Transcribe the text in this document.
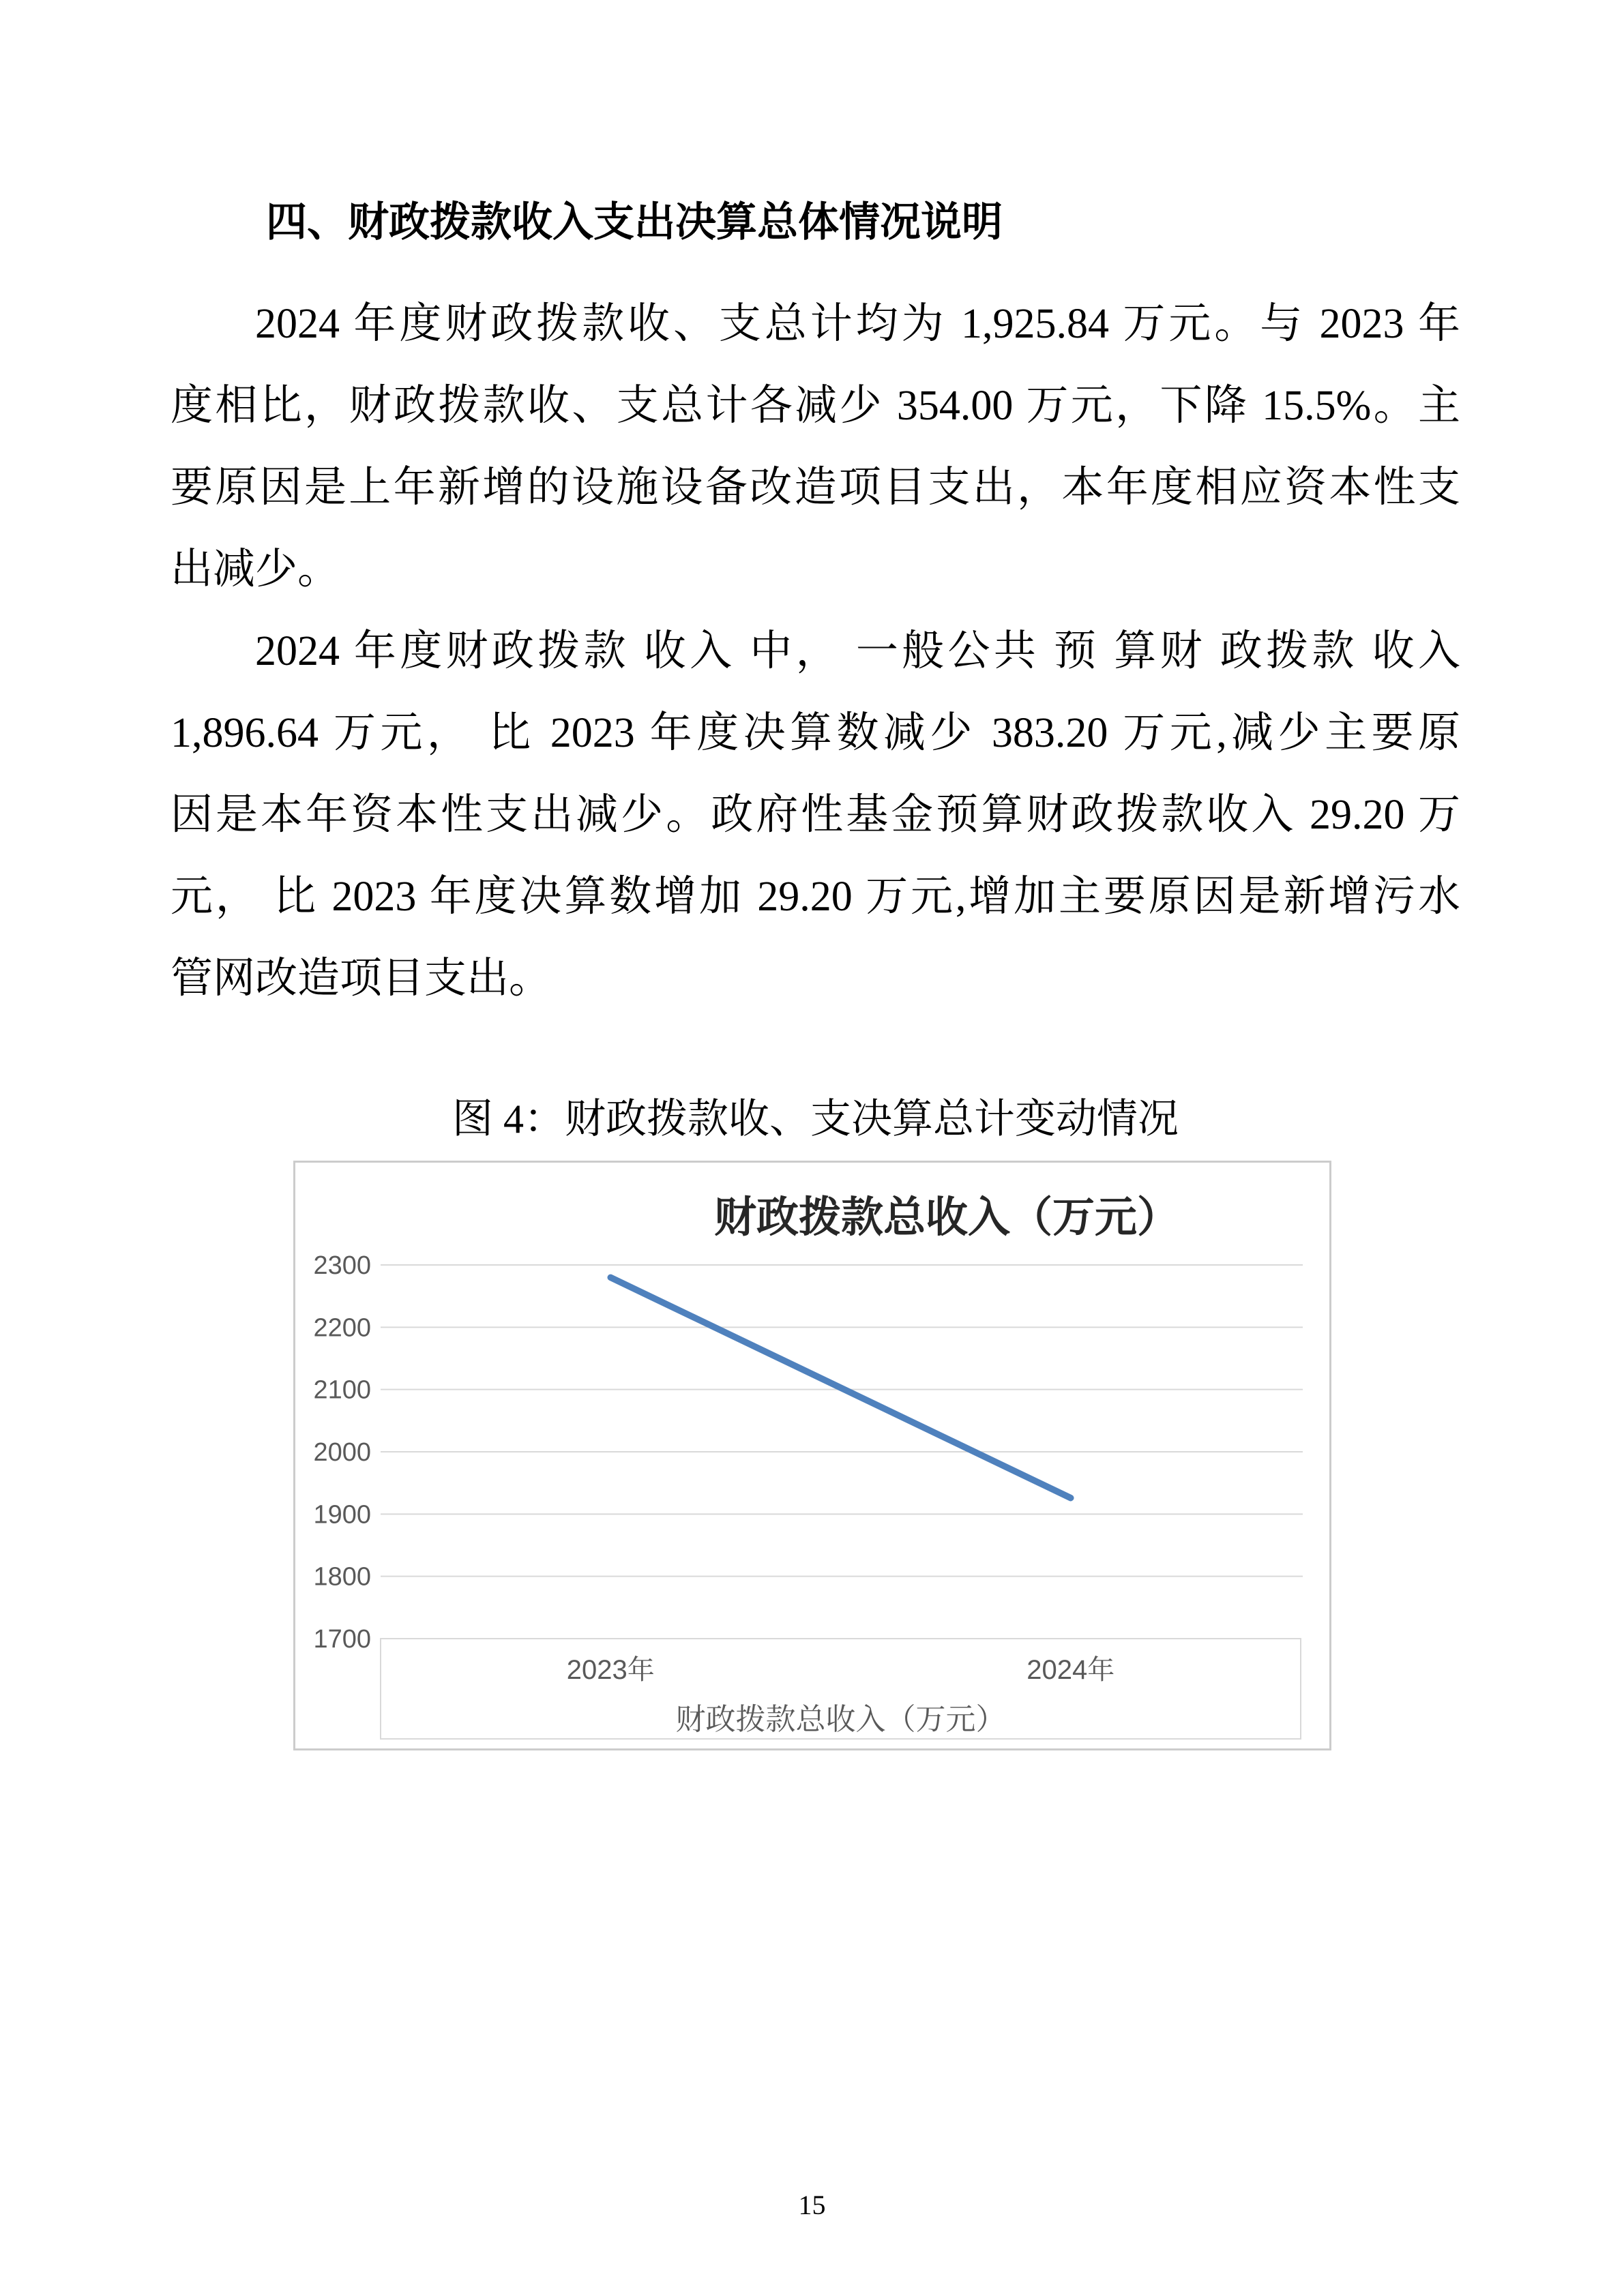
四、财政拨款收入支出决算总体情况说明
2024 年度财政拨款收、支总计均为 1,925.84 万元。与 2023 年
度相比，财政拨款收、支总计各减少 354.00 万元，下降 15.5%。主
要原因是上年新增的设施设备改造项目支出，本年度相应资本性支
出减少。
2024 年度财政拨款 收入 中， 一般公共 预 算财 政拨款 收入
1,896.64 万元， 比 2023 年度决算数减少 383.20 万元,减少主要原
因是本年资本性支出减少。政府性基金预算财政拨款收入 29.20 万
元， 比 2023 年度决算数增加 29.20 万元,增加主要原因是新增污水
管网改造项目支出。
图 4：财政拨款收、支决算总计变动情况
财政拨款总收入（万元）
2300
2200
2100
2000
1900
1800
1700
2023年	2024年
财政拨款总收入（万元）
15
